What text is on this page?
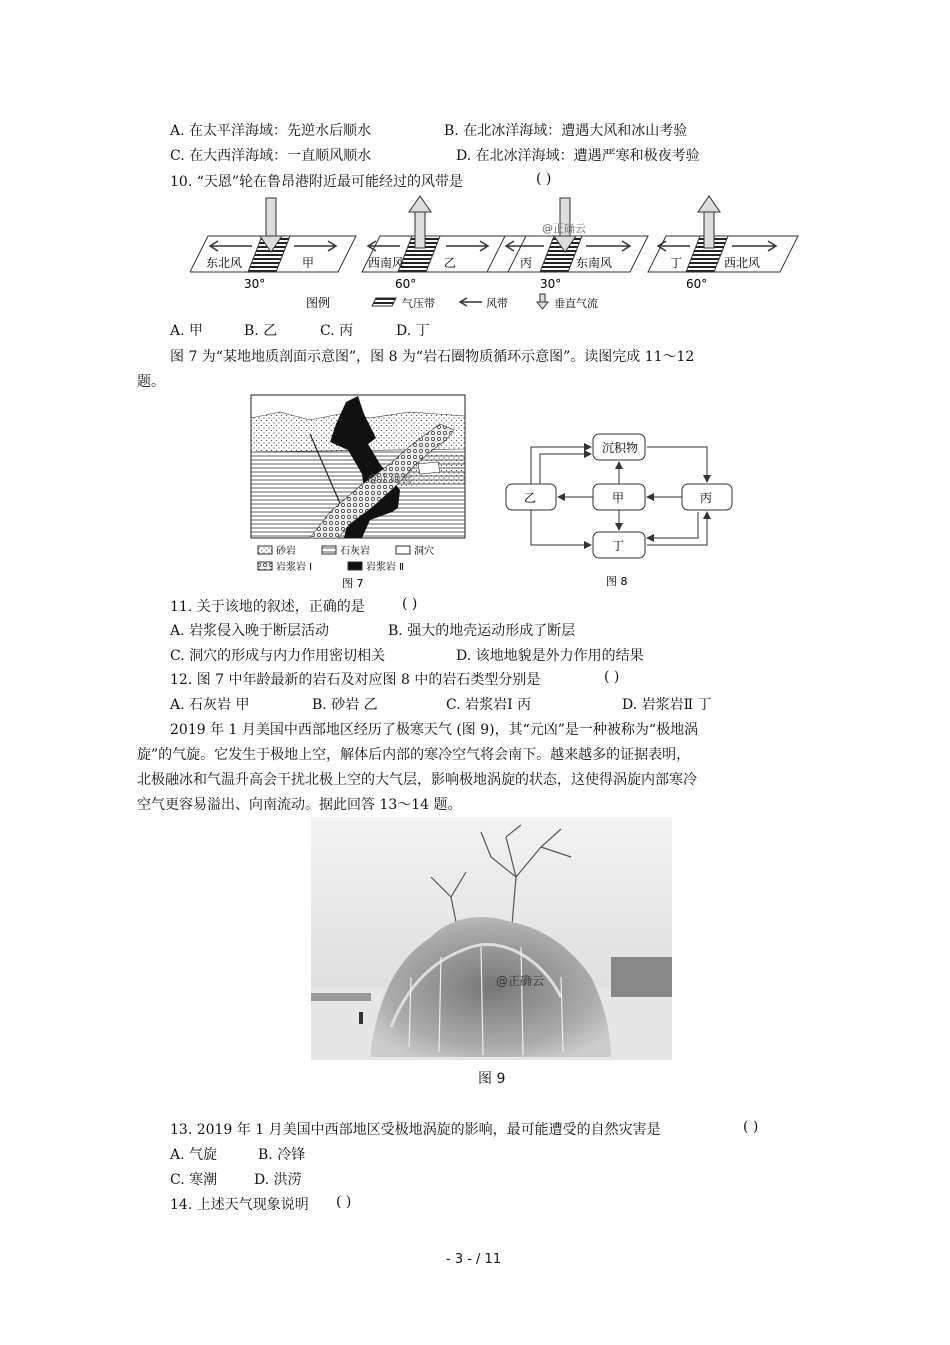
A. 在太平洋海域：先逆水后顺水	B. 在北冰洋海域：遭遇大风和冰山考验
C. 在大西洋海域：一直顺风顺水	D. 在北冰洋海域：遭遇严寒和极夜考验
10. “天恩”轮在鲁昂港附近最可能经过的风带是	( )
东北风	甲
30°
西南风	乙
60°
@正确云
丙	东南风
30°
丁	西北风
60°
图例	气压带	风带	垂直气流
A. 甲	B. 乙	C. 丙	D. 丁
图 7 为“某地地质剖面示意图”，图 8 为“岩石圈物质循环示意图”。读图完成 11～12
题。
@正确云
砂岩	石灰岩	洞穴
岩浆岩 Ⅰ	岩浆岩 Ⅱ
图 7
沉积物
乙	甲	丙
丁
图 8
11. 关于该地的叙述，正确的是	( )
A. 岩浆侵入晚于断层活动	B. 强大的地壳运动形成了断层
C. 洞穴的形成与内力作用密切相关	D. 该地地貌是外力作用的结果
12. 图 7 中年龄最新的岩石及对应图 8 中的岩石类型分别是	( )
A. 石灰岩 甲	B. 砂岩 乙	C. 岩浆岩Ⅰ 丙	D. 岩浆岩Ⅱ 丁
2019 年 1 月美国中西部地区经历了极寒天气 (图 9)，其“元凶”是一种被称为“极地涡
旋”的气旋。它发生于极地上空，解体后内部的寒冷空气将会南下。越来越多的证据表明，
北极融冰和气温升高会干扰北极上空的大气层，影响极地涡旋的状态，这使得涡旋内部寒冷
空气更容易溢出、向南流动。据此回答 13～14 题。
@正确云
图 9
13. 2019 年 1 月美国中西部地区受极地涡旋的影响，最可能遭受的自然灾害是	( )
A. 气旋	B. 冷锋
C. 寒潮	D. 洪涝
14. 上述天气现象说明 ( )
- 3 - / 11
